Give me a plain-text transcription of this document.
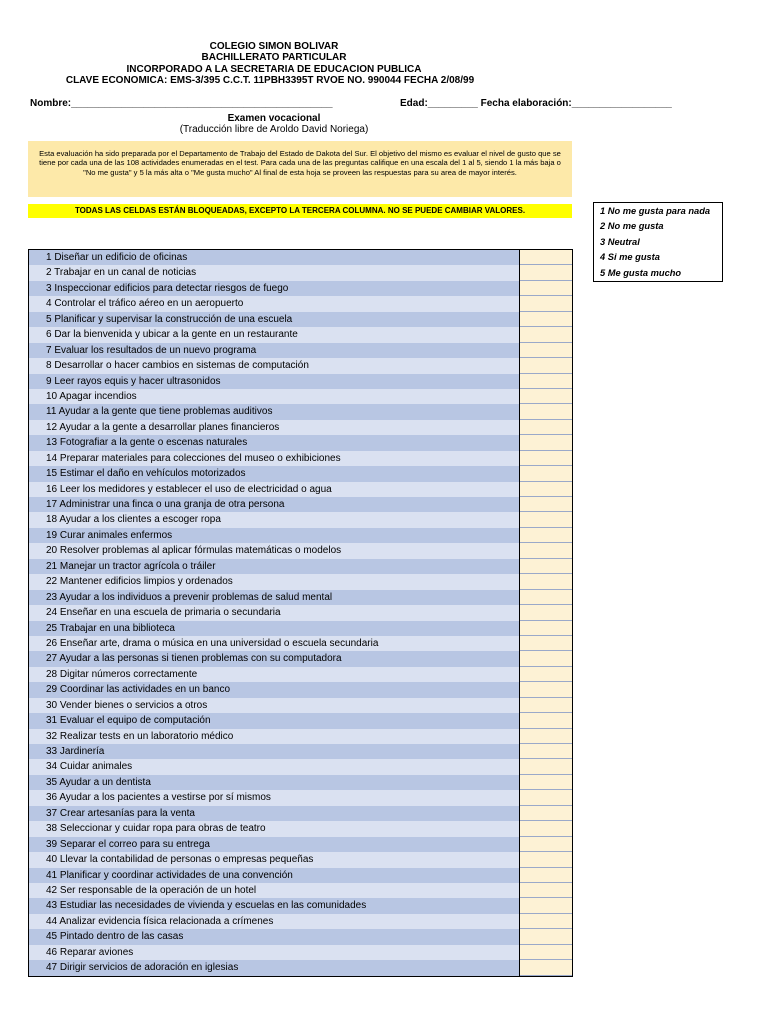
COLEGIO SIMON BOLIVAR
BACHILLERATO PARTICULAR
INCORPORADO A LA SECRETARIA DE EDUCACION PUBLICA
CLAVE ECONOMICA: EMS-3/395 C.C.T. 11PBH3395T RVOE NO. 990044 FECHA 2/08/99
Nombre:_______________________________________________	Edad:_________ Fecha elaboración:__________________
Examen vocacional
(Traducción libre de Aroldo David Noriega)
Esta evaluación ha sido preparada por el Departamento de Trabajo del Estado de Dakota del Sur. El objetivo del mismo es evaluar el nivel de gusto que se tiene por cada una de las 108 actividades enumeradas en el test. Para cada una de las preguntas califique en una escala del 1 al 5, siendo 1 la más baja o "No me gusta" y 5 la más alta o "Me gusta mucho" Al final de esta hoja se proveen las respuestas para su area de mayor interés.
TODAS LAS CELDAS ESTÁN BLOQUEADAS, EXCEPTO LA TERCERA COLUMNA. NO SE PUEDE CAMBIAR VALORES.	1 No me gusta para nada
2 No me gusta
3 Neutral
4 Si me gusta
5 Me gusta mucho
1 Diseñar un edificio de oficinas
2 Trabajar en un canal de noticias
3 Inspeccionar edificios para detectar riesgos de fuego
4 Controlar el tráfico aéreo en un aeropuerto
5 Planificar y supervisar la construcción de una escuela
6 Dar la bienvenida y ubicar a la gente en un restaurante
7 Evaluar los resultados de un nuevo programa
8 Desarrollar o hacer cambios en sistemas de computación
9 Leer rayos equis y hacer ultrasonidos
10 Apagar incendios
11 Ayudar a la gente que tiene problemas auditivos
12 Ayudar a la gente a desarrollar planes financieros
13 Fotografiar a la gente o escenas naturales
14 Preparar materiales para colecciones del museo o exhibiciones
15 Estimar el daño en vehículos motorizados
16 Leer los medidores y establecer el uso de electricidad o agua
17 Administrar una finca o una granja de otra persona
18 Ayudar a los clientes a escoger ropa
19 Curar animales enfermos
20 Resolver problemas al aplicar fórmulas matemáticas o modelos
21 Manejar un tractor agrícola o tráiler
22 Mantener edificios limpios y ordenados
23 Ayudar a los individuos a prevenir problemas de salud mental
24 Enseñar en una escuela de primaria o secundaria
25 Trabajar en una biblioteca
26 Enseñar arte, drama o música en una universidad o escuela secundaria
27 Ayudar a las personas si tienen problemas con su computadora
28 Digitar números correctamente
29 Coordinar las actividades en un banco
30 Vender bienes o servicios a otros
31 Evaluar el equipo de computación
32 Realizar tests en un laboratorio médico
33 Jardinería
34 Cuidar animales
35 Ayudar a un dentista
36 Ayudar a los pacientes a vestirse por sí mismos
37 Crear artesanías para la venta
38 Seleccionar y cuidar ropa para obras de teatro
39 Separar el correo para su entrega
40 Llevar la contabilidad de personas o empresas pequeñas
41 Planificar y coordinar actividades de una convención
42 Ser responsable de la operación de un hotel
43 Estudiar las necesidades de vivienda y escuelas en las comunidades
44 Analizar evidencia física relacionada a crímenes
45 Pintado dentro de las casas
46 Reparar aviones
47 Dirigir servicios de adoración en iglesias
